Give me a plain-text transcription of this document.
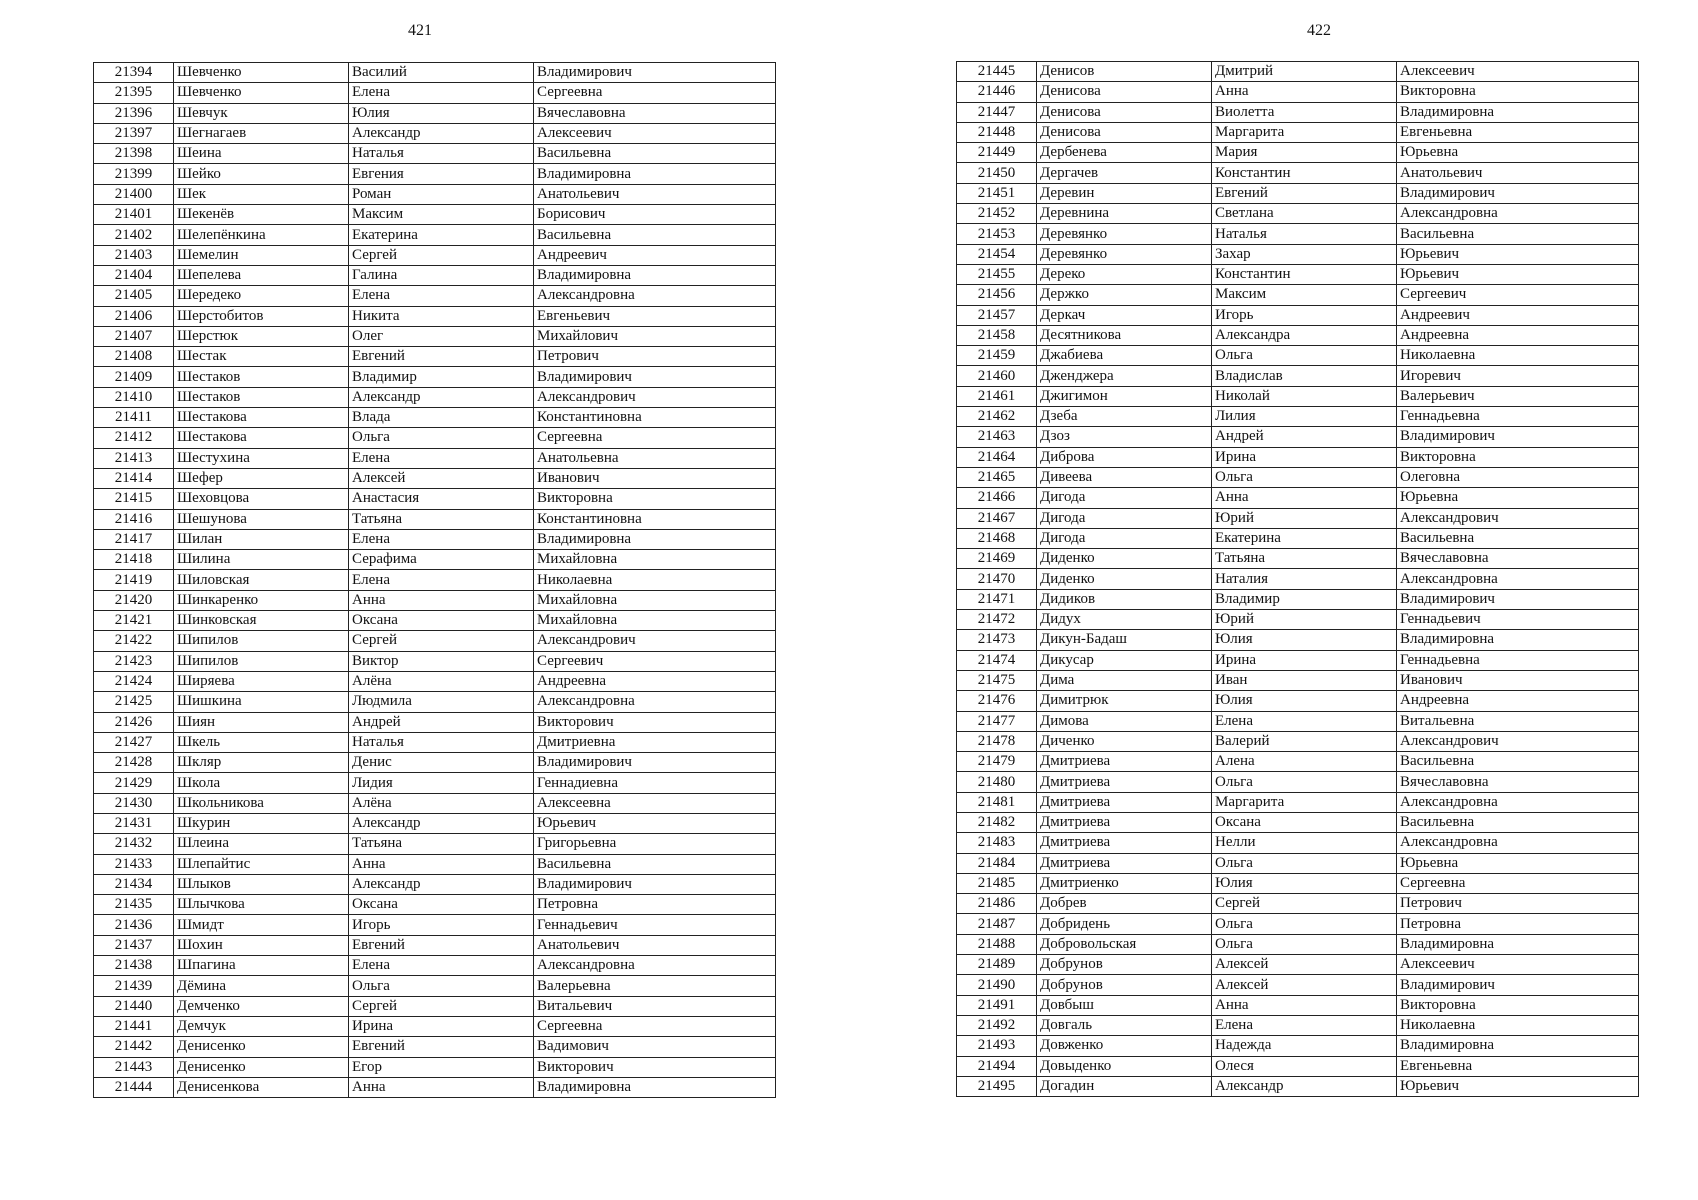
421
21394	Шевченко	Василий	Владимирович
21395	Шевченко	Елена	Сергеевна
21396	Шевчук	Юлия	Вячеславовна
21397	Шегнагаев	Александр	Алексеевич
21398	Шеина	Наталья	Васильевна
21399	Шейко	Евгения	Владимировна
21400	Шек	Роман	Анатольевич
21401	Шекенёв	Максим	Борисович
21402	Шелепёнкина	Екатерина	Васильевна
21403	Шемелин	Сергей	Андреевич
21404	Шепелева	Галина	Владимировна
21405	Шередеко	Елена	Александровна
21406	Шерстобитов	Никита	Евгеньевич
21407	Шерстюк	Олег	Михайлович
21408	Шестак	Евгений	Петрович
21409	Шестаков	Владимир	Владимирович
21410	Шестаков	Александр	Александрович
21411	Шестакова	Влада	Константиновна
21412	Шестакова	Ольга	Сергеевна
21413	Шестухина	Елена	Анатольевна
21414	Шефер	Алексей	Иванович
21415	Шеховцова	Анастасия	Викторовна
21416	Шешунова	Татьяна	Константиновна
21417	Шилан	Елена	Владимировна
21418	Шилина	Серафима	Михайловна
21419	Шиловская	Елена	Николаевна
21420	Шинкаренко	Анна	Михайловна
21421	Шинковская	Оксана	Михайловна
21422	Шипилов	Сергей	Александрович
21423	Шипилов	Виктор	Сергеевич
21424	Ширяева	Алёна	Андреевна
21425	Шишкина	Людмила	Александровна
21426	Шиян	Андрей	Викторович
21427	Шкель	Наталья	Дмитриевна
21428	Шкляр	Денис	Владимирович
21429	Школа	Лидия	Геннадиевна
21430	Школьникова	Алёна	Алексеевна
21431	Шкурин	Александр	Юрьевич
21432	Шлеина	Татьяна	Григорьевна
21433	Шлепайтис	Анна	Васильевна
21434	Шлыков	Александр	Владимирович
21435	Шлычкова	Оксана	Петровна
21436	Шмидт	Игорь	Геннадьевич
21437	Шохин	Евгений	Анатольевич
21438	Шпагина	Елена	Александровна
21439	Дёмина	Ольга	Валерьевна
21440	Демченко	Сергей	Витальевич
21441	Демчук	Ирина	Сергеевна
21442	Денисенко	Евгений	Вадимович
21443	Денисенко	Егор	Викторович
21444	Денисенкова	Анна	Владимировна
422
21445	Денисов	Дмитрий	Алексеевич
21446	Денисова	Анна	Викторовна
21447	Денисова	Виолетта	Владимировна
21448	Денисова	Маргарита	Евгеньевна
21449	Дербенева	Мария	Юрьевна
21450	Дергачев	Константин	Анатольевич
21451	Деревин	Евгений	Владимирович
21452	Деревнина	Светлана	Александровна
21453	Деревянко	Наталья	Васильевна
21454	Деревянко	Захар	Юрьевич
21455	Дереко	Константин	Юрьевич
21456	Держко	Максим	Сергеевич
21457	Деркач	Игорь	Андреевич
21458	Десятникова	Александра	Андреевна
21459	Джабиева	Ольга	Николаевна
21460	Дженджера	Владислав	Игоревич
21461	Джигимон	Николай	Валерьевич
21462	Дзеба	Лилия	Геннадьевна
21463	Дзоз	Андрей	Владимирович
21464	Диброва	Ирина	Викторовна
21465	Дивеева	Ольга	Олеговна
21466	Дигода	Анна	Юрьевна
21467	Дигода	Юрий	Александрович
21468	Дигода	Екатерина	Васильевна
21469	Диденко	Татьяна	Вячеславовна
21470	Диденко	Наталия	Александровна
21471	Дидиков	Владимир	Владимирович
21472	Дидух	Юрий	Геннадьевич
21473	Дикун-Бадаш	Юлия	Владимировна
21474	Дикусар	Ирина	Геннадьевна
21475	Дима	Иван	Иванович
21476	Димитрюк	Юлия	Андреевна
21477	Димова	Елена	Витальевна
21478	Диченко	Валерий	Александрович
21479	Дмитриева	Алена	Васильевна
21480	Дмитриева	Ольга	Вячеславовна
21481	Дмитриева	Маргарита	Александровна
21482	Дмитриева	Оксана	Васильевна
21483	Дмитриева	Нелли	Александровна
21484	Дмитриева	Ольга	Юрьевна
21485	Дмитриенко	Юлия	Сергеевна
21486	Добрев	Сергей	Петрович
21487	Добридень	Ольга	Петровна
21488	Добровольская	Ольга	Владимировна
21489	Добрунов	Алексей	Алексеевич
21490	Добрунов	Алексей	Владимирович
21491	Довбыш	Анна	Викторовна
21492	Довгаль	Елена	Николаевна
21493	Довженко	Надежда	Владимировна
21494	Довыденко	Олеся	Евгеньевна
21495	Догадин	Александр	Юрьевич
